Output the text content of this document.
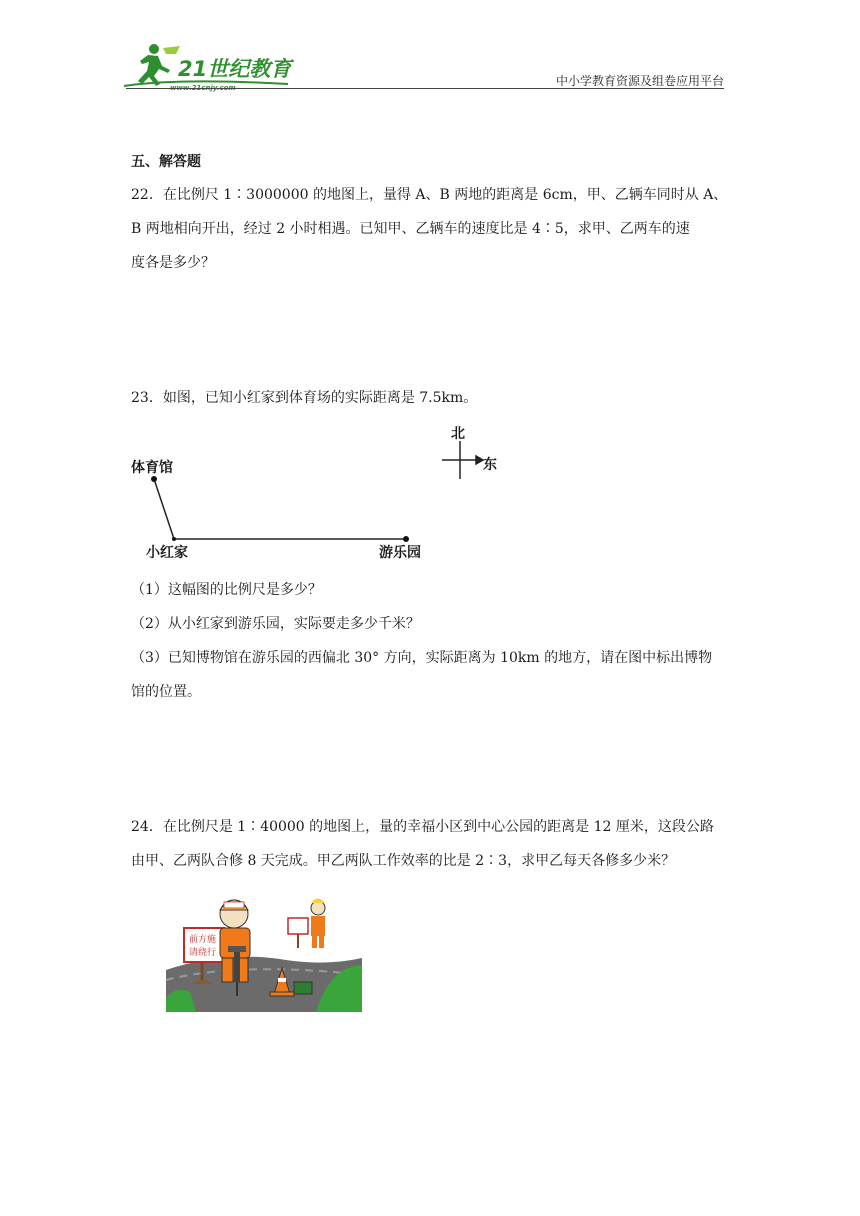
21世纪教育
www.21cnjy.com	中小学教育资源及组卷应用平台
五、解答题
22．在比例尺 1∶3000000 的地图上，量得 A、B 两地的距离是 6cm，甲、乙辆车同时从 A、
B 两地相向开出，经过 2 小时相遇。已知甲、乙辆车的速度比是 4∶5，求甲、乙两车的速
度各是多少？
23．如图，已知小红家到体育场的实际距离是 7.5km。
体育馆
小红家	游乐园
北
东
（1）这幅图的比例尺是多少？
（2）从小红家到游乐园，实际要走多少千米？
（3）已知博物馆在游乐园的西偏北 30° 方向，实际距离为 10km 的地方，请在图中标出博物
馆的位置。
24．在比例尺是 1∶40000 的地图上，量的幸福小区到中心公园的距离是 12 厘米，这段公路
由甲、乙两队合修 8 天完成。甲乙两队工作效率的比是 2∶3，求甲乙每天各修多少米？
前方施
请绕行
